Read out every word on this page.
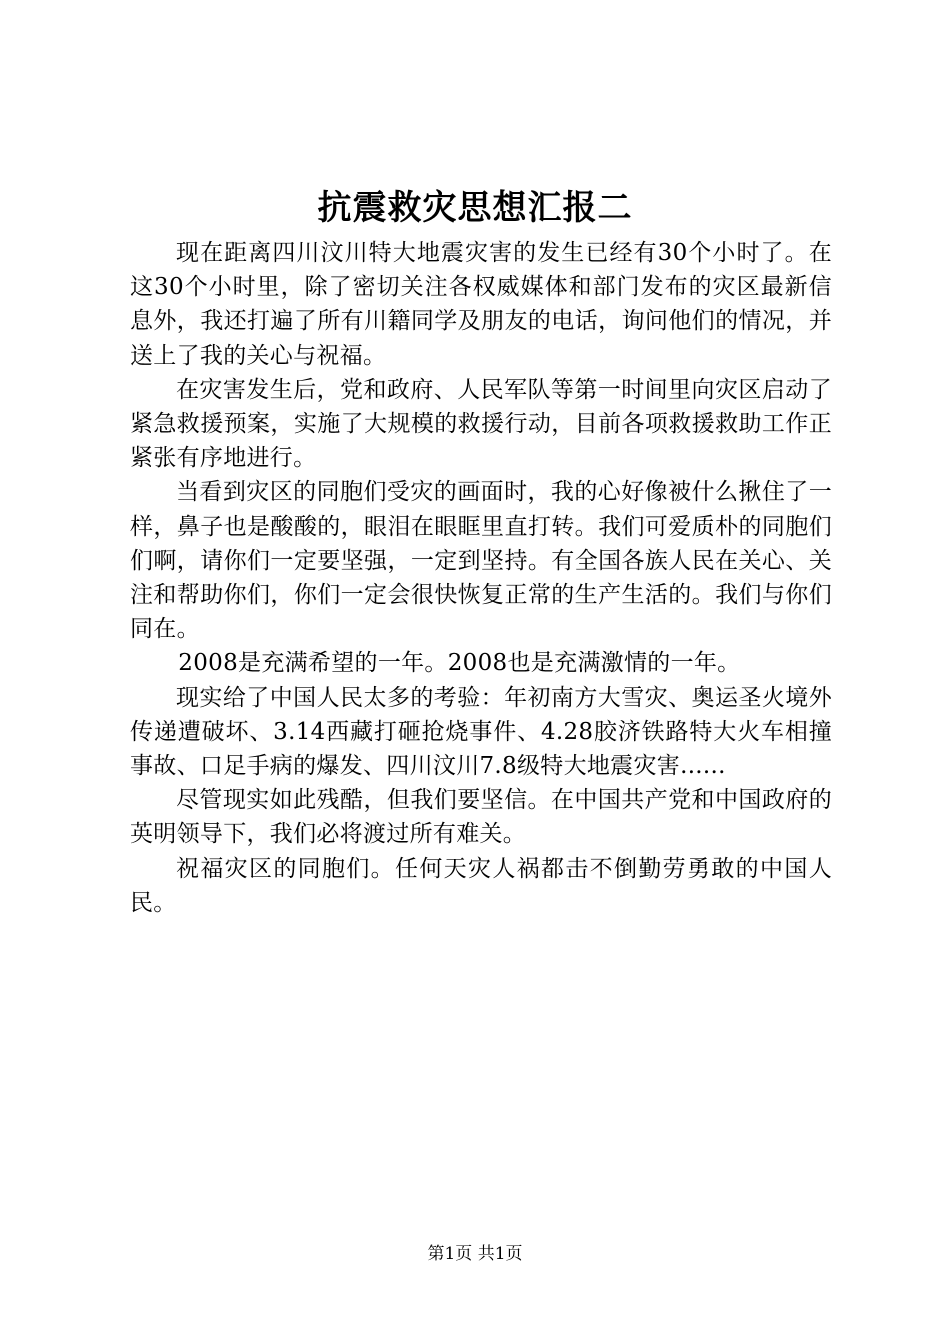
抗震救灾思想汇报二

现在距离四川汶川特大地震灾害的发生已经有30个小时了。在这30个小时里，除了密切关注各权威媒体和部门发布的灾区最新信息外，我还打遍了所有川籍同学及朋友的电话，询问他们的情况，并送上了我的关心与祝福。

在灾害发生后，党和政府、人民军队等第一时间里向灾区启动了紧急救援预案，实施了大规模的救援行动，目前各项救援救助工作正紧张有序地进行。

当看到灾区的同胞们受灾的画面时，我的心好像被什么揪住了一样，鼻子也是酸酸的，眼泪在眼眶里直打转。我们可爱质朴的同胞们们啊，请你们一定要坚强，一定到坚持。有全国各族人民在关心、关注和帮助你们，你们一定会很快恢复正常的生产生活的。我们与你们同在。

2008是充满希望的一年。2008也是充满激情的一年。

现实给了中国人民太多的考验：年初南方大雪灾、奥运圣火境外传递遭破坏、3.14西藏打砸抢烧事件、4.28胶济铁路特大火车相撞事故、口足手病的爆发、四川汶川7.8级特大地震灾害......

尽管现实如此残酷，但我们要坚信。在中国共产党和中国政府的英明领导下，我们必将渡过所有难关。

祝福灾区的同胞们。任何天灾人祸都击不倒勤劳勇敢的中国人民。

第1页 共1页
